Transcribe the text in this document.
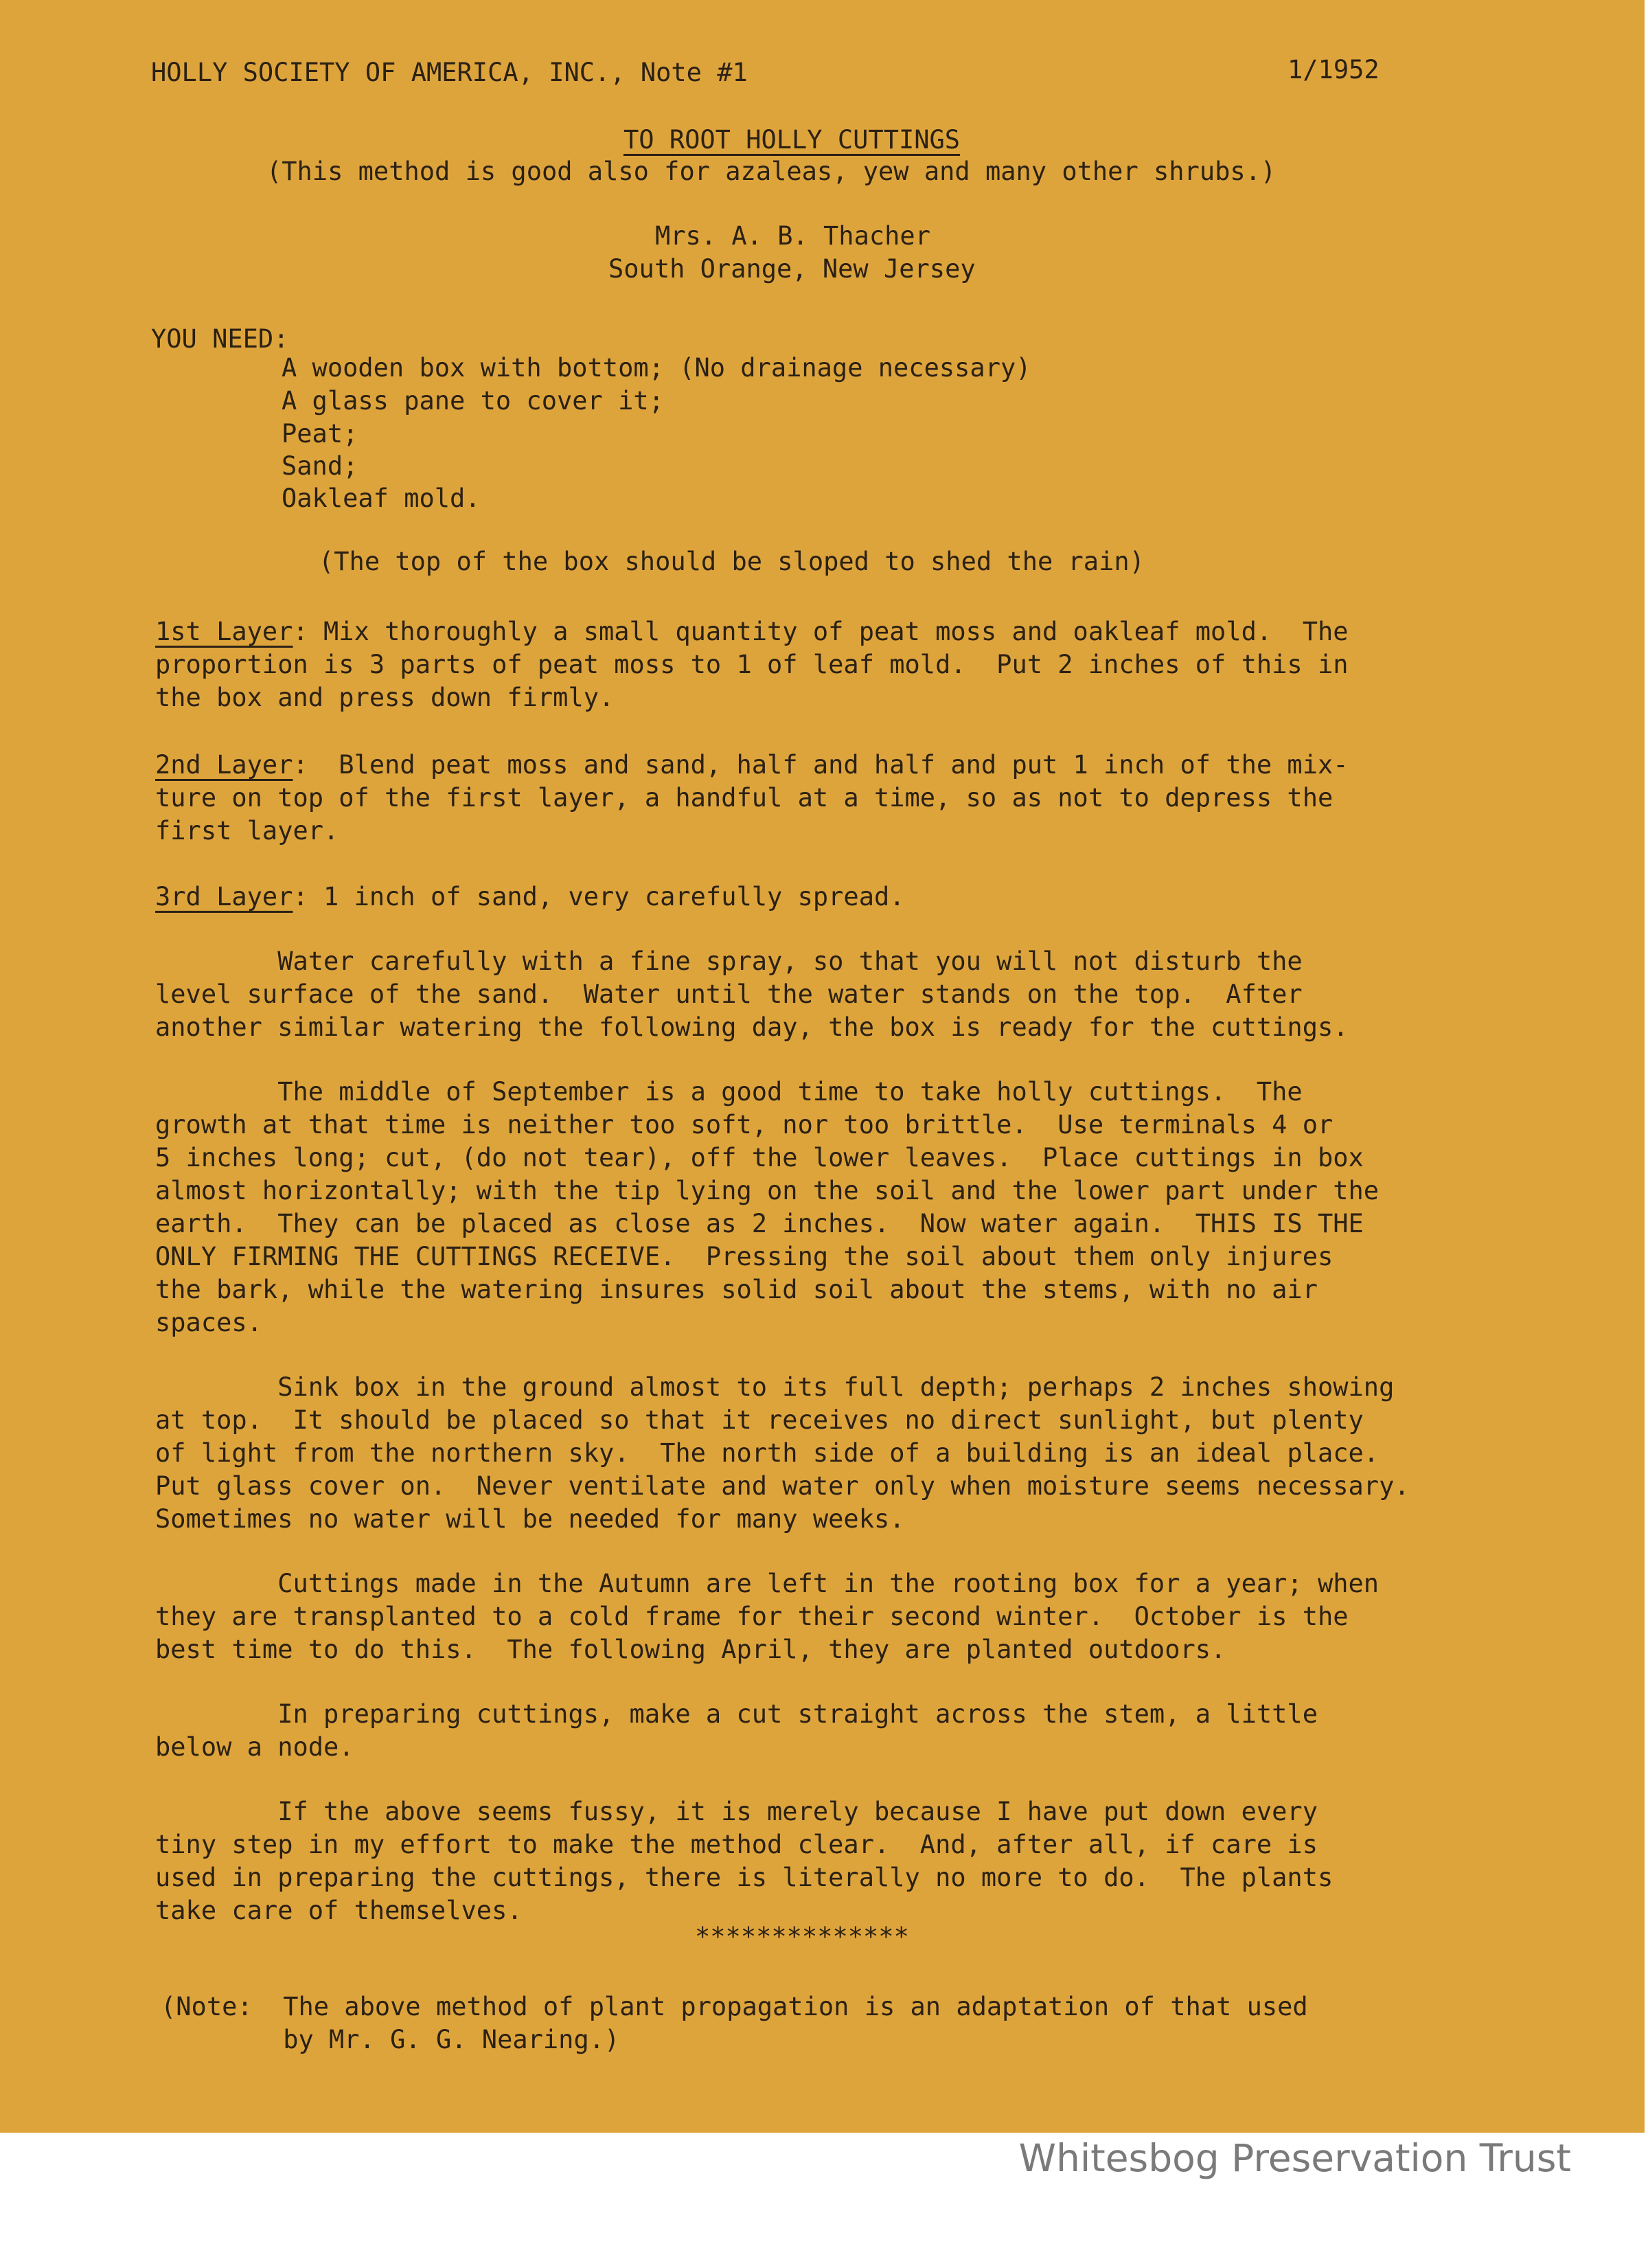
HOLLY SOCIETY OF AMERICA, INC., Note #1	1/1952
TO ROOT HOLLY CUTTINGS
(This method is good also for azaleas, yew and many other shrubs.)
Mrs. A. B. Thacher
South Orange, New Jersey
YOU NEED:
A wooden box with bottom; (No drainage necessary)
A glass pane to cover it;
Peat;
Sand;
Oakleaf mold.
(The top of the box should be sloped to shed the rain)
1st Layer: Mix thoroughly a small quantity of peat moss and oakleaf mold.  The
proportion is 3 parts of peat moss to 1 of leaf mold.  Put 2 inches of this in
the box and press down firmly.
2nd Layer:  Blend peat moss and sand, half and half and put 1 inch of the mix-
ture on top of the first layer, a handful at a time, so as not to depress the
first layer.
3rd Layer: 1 inch of sand, very carefully spread.
Water carefully with a fine spray, so that you will not disturb the
level surface of the sand.  Water until the water stands on the top.  After
another similar watering the following day, the box is ready for the cuttings.
The middle of September is a good time to take holly cuttings.  The
growth at that time is neither too soft, nor too brittle.  Use terminals 4 or
5 inches long; cut, (do not tear), off the lower leaves.  Place cuttings in box
almost horizontally; with the tip lying on the soil and the lower part under the
earth.  They can be placed as close as 2 inches.  Now water again.  THIS IS THE
ONLY FIRMING THE CUTTINGS RECEIVE.  Pressing the soil about them only injures
the bark, while the watering insures solid soil about the stems, with no air
spaces.
Sink box in the ground almost to its full depth; perhaps 2 inches showing
at top.  It should be placed so that it receives no direct sunlight, but plenty
of light from the northern sky.  The north side of a building is an ideal place.
Put glass cover on.  Never ventilate and water only when moisture seems necessary.
Sometimes no water will be needed for many weeks.
Cuttings made in the Autumn are left in the rooting box for a year; when
they are transplanted to a cold frame for their second winter.  October is the
best time to do this.  The following April, they are planted outdoors.
In preparing cuttings, make a cut straight across the stem, a little
below a node.
If the above seems fussy, it is merely because I have put down every
tiny step in my effort to make the method clear.  And, after all, if care is
used in preparing the cuttings, there is literally no more to do.  The plants
take care of themselves.
**************
(Note:  The above method of plant propagation is an adaptation of that used
by Mr. G. G. Nearing.)
Whitesbog Preservation Trust
